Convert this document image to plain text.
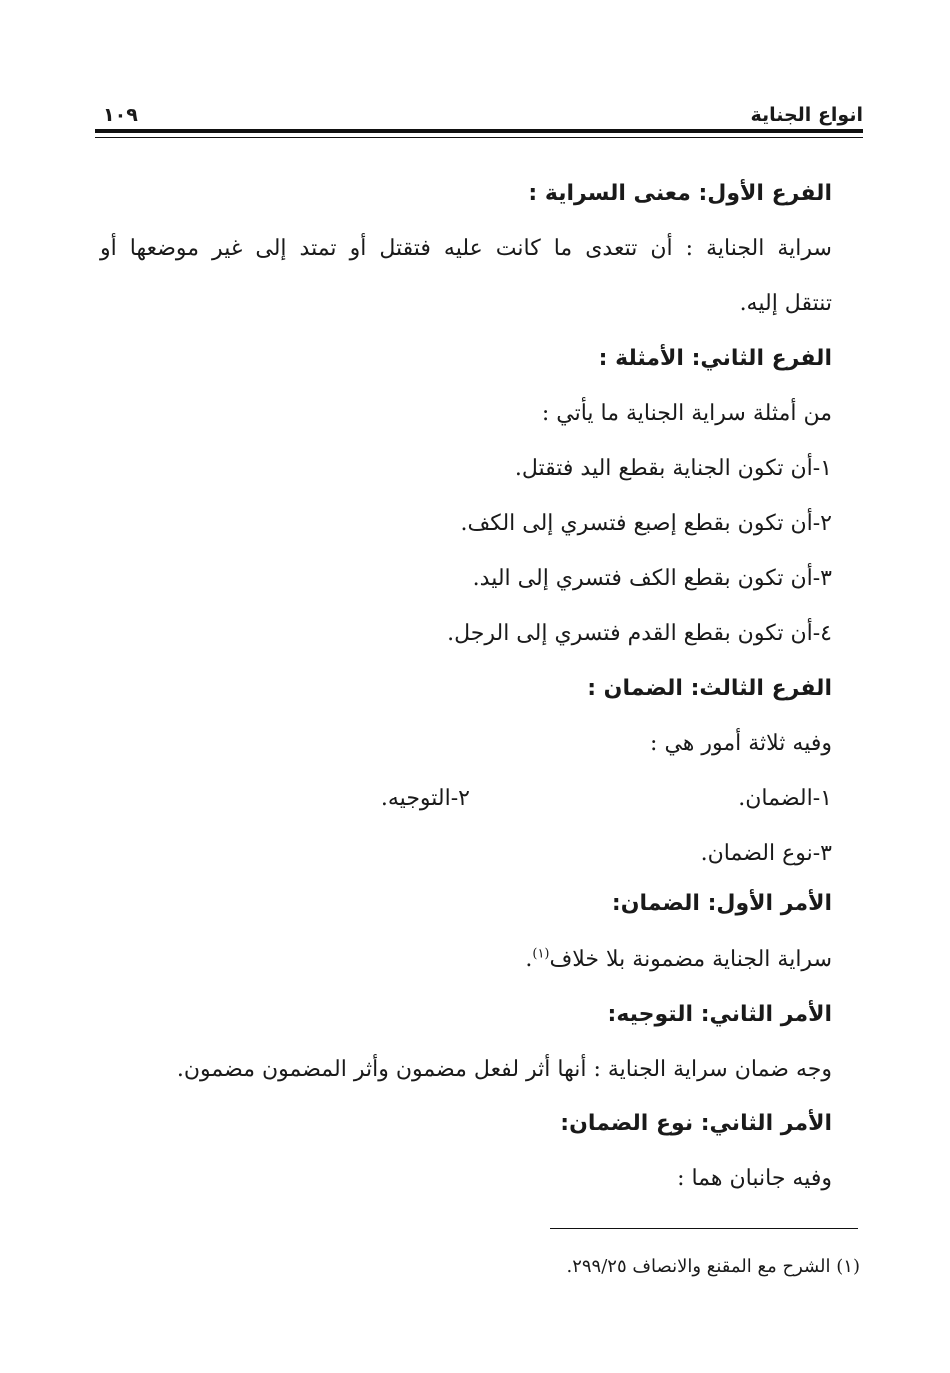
انواع الجناية
١٠٩
الفرع الأول: معنى السراية :
سراية الجناية : أن تتعدى ما كانت عليه فتقتل أو تمتد إلى غير موضعها أو
تنتقل إليه.
الفرع الثاني: الأمثلة :
من أمثلة سراية الجناية ما يأتي :
١-أن تكون الجناية بقطع اليد فتقتل.
٢-أن تكون بقطع إصبع فتسري إلى الكف.
٣-أن تكون بقطع الكف فتسري إلى اليد.
٤-أن تكون بقطع القدم فتسري إلى الرجل.
الفرع الثالث: الضمان :
وفيه ثلاثة أمور هي :
١-الضمان.
٢-التوجيه.
٣-نوع الضمان.
الأمر الأول: الضمان:
سراية الجناية مضمونة بلا خلاف$^{(١)}$.
الأمر الثاني: التوجيه:
وجه ضمان سراية الجناية : أنها أثر لفعل مضمون وأثر المضمون مضمون.
الأمر الثاني: نوع الضمان:
وفيه جانبان هما :
(١) الشرح مع المقنع والانصاف ٢٩٩/٢٥.
